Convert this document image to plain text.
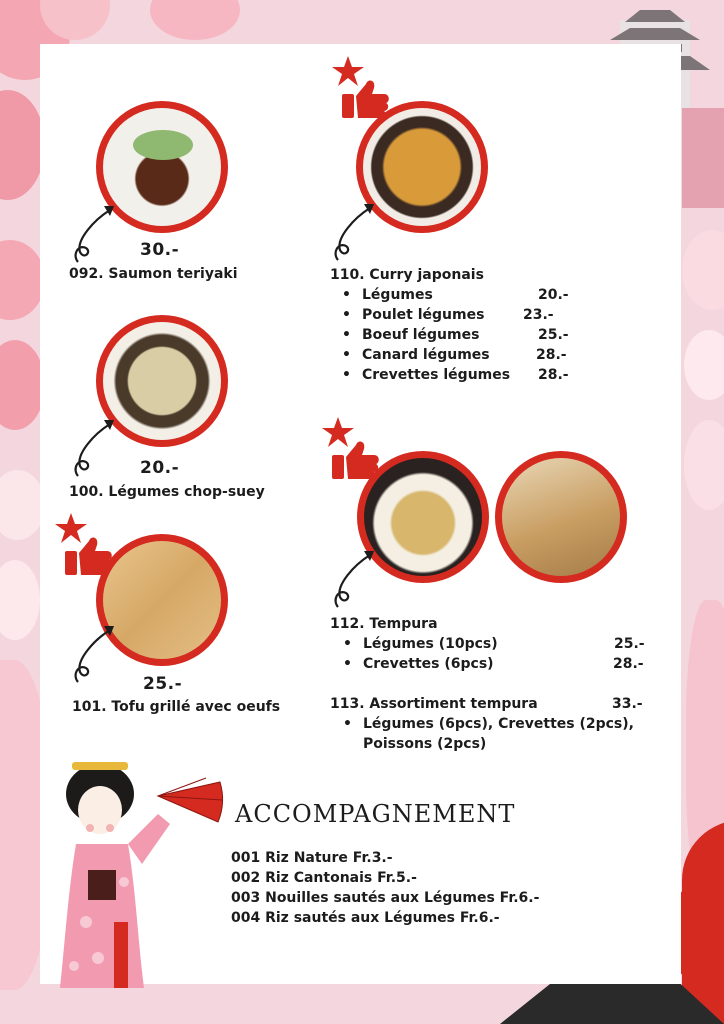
30.-
092. Saumon teriyaki
20.-
100. Légumes chop-suey
25.-
101. Tofu grillé avec oeufs
110. Curry japonais
• Légumes	20.-
• Poulet légumes	23.-
• Boeuf légumes	25.-
• Canard légumes	28.-
• Crevettes légumes 28.-
112. Tempura
• Légumes (10pcs)	25.-
• Crevettes (6pcs)	28.-
113. Assortiment tempura	33.-
• Légumes (6pcs), Crevettes (2pcs),
Poissons (2pcs)
ACCOMPAGNEMENT
001 Riz Nature Fr.3.-
002 Riz Cantonais Fr.5.-
003 Nouilles sautés aux Légumes Fr.6.-
004 Riz sautés aux Légumes Fr.6.-
